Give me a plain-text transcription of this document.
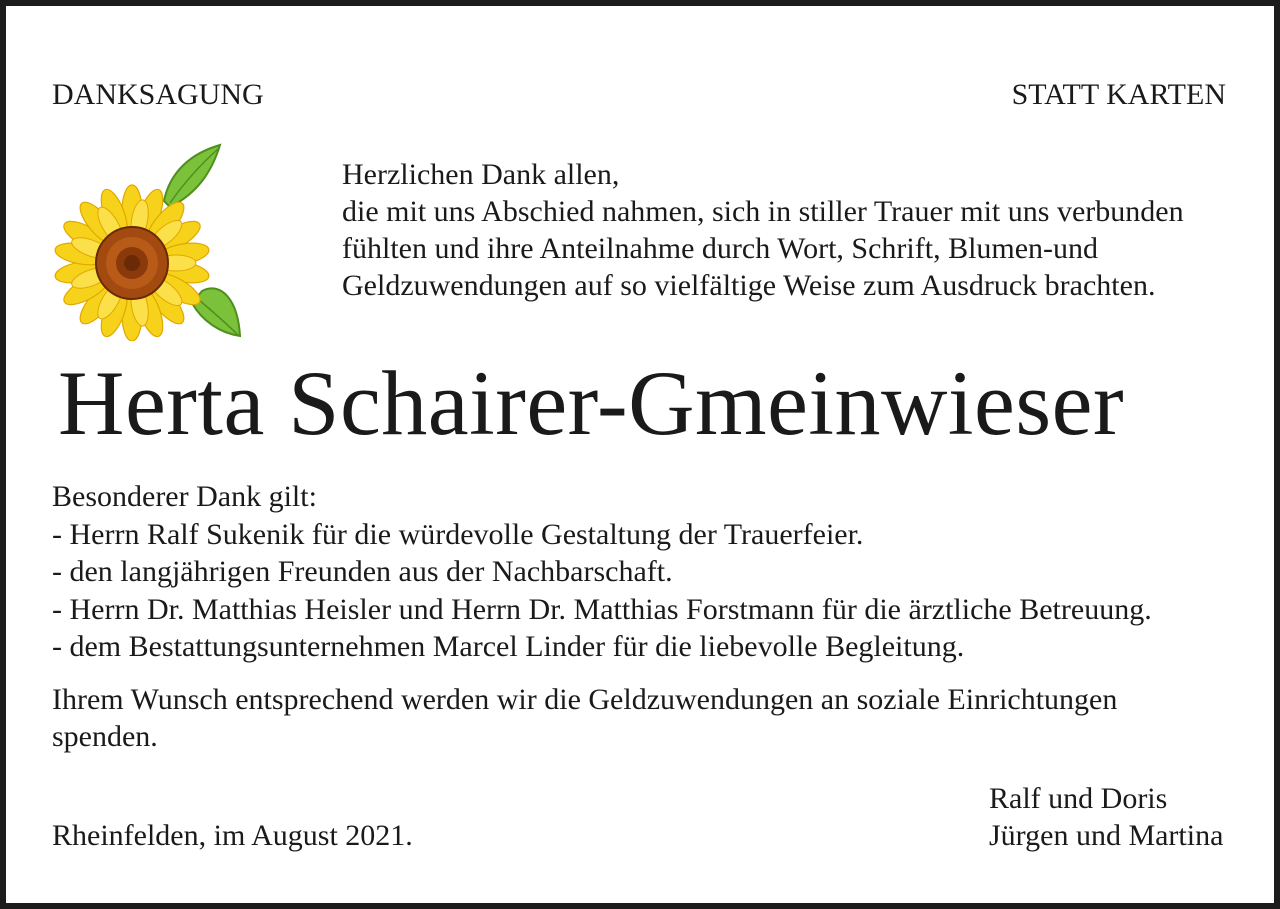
DANKSAGUNG	STATT KARTEN

Herzlichen Dank allen,
die mit uns Abschied nahmen, sich in stiller Trauer mit uns verbunden
fühlten und ihre Anteilnahme durch Wort, Schrift, Blumen-und
Geldzuwendungen auf so vielfältige Weise zum Ausdruck brachten.
Herta Schairer-Gmeinwieser
Besonderer Dank gilt:
- Herrn Ralf Sukenik für die würdevolle Gestaltung der Trauerfeier.
- den langjährigen Freunden aus der Nachbarschaft.
- Herrn Dr. Matthias Heisler und Herrn Dr. Matthias Forstmann für die ärztliche Betreuung.
- dem Bestattungsunternehmen Marcel Linder für die liebevolle Begleitung.
Ihrem Wunsch entsprechend werden wir die Geldzuwendungen an soziale Einrichtungen
spenden.

Rheinfelden, im August 2021.

Ralf und Doris
Jürgen und Martina
